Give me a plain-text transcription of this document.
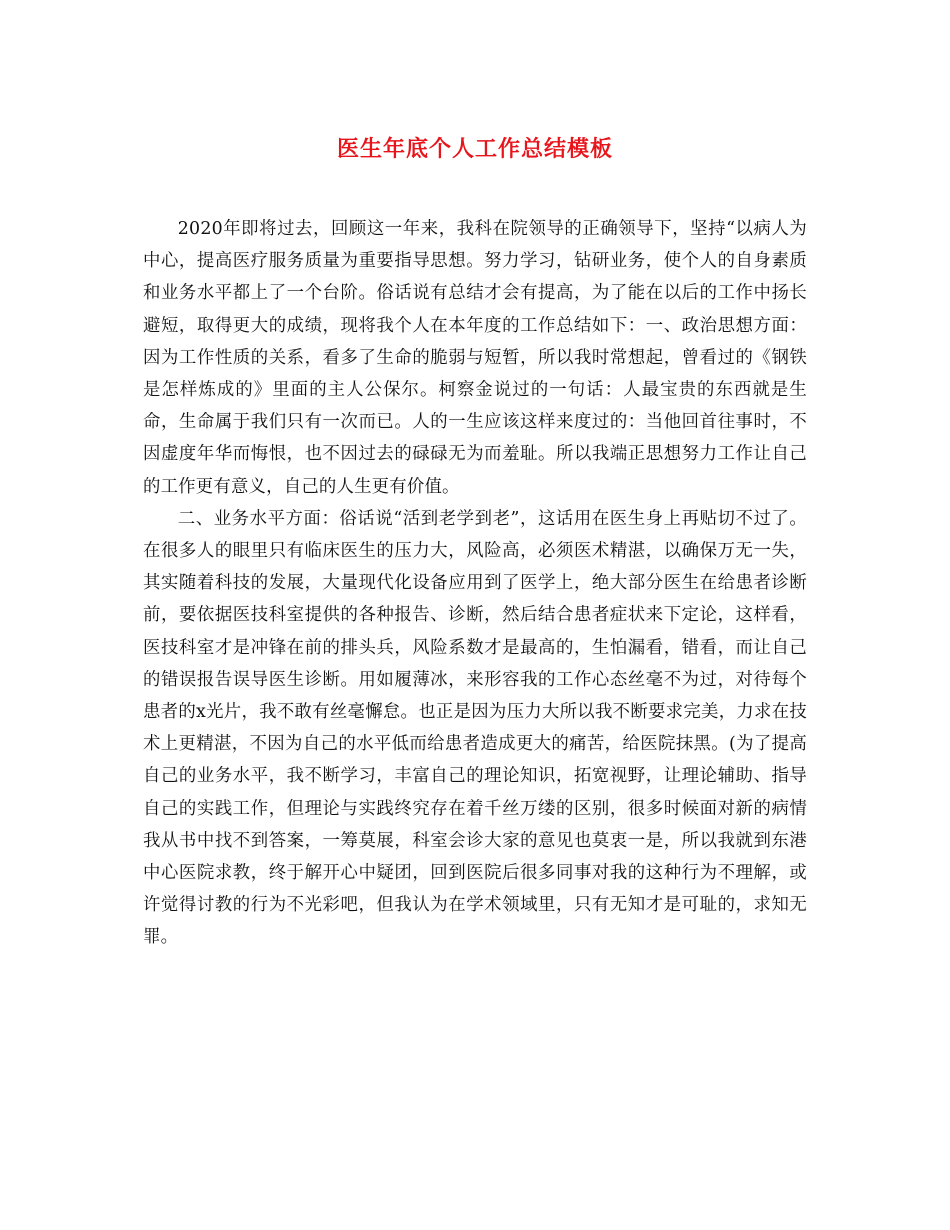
医生年底个人工作总结模板

2020年即将过去，回顾这一年来，我科在院领导的正确领导下，坚持“以病人为中心，提高医疗服务质量为重要指导思想。努力学习，钻研业务，使个人的自身素质和业务水平都上了一个台阶。俗话说有总结才会有提高，为了能在以后的工作中扬长避短，取得更大的成绩，现将我个人在本年度的工作总结如下：一、政治思想方面：因为工作性质的关系，看多了生命的脆弱与短暂，所以我时常想起，曾看过的《钢铁是怎样炼成的》里面的主人公保尔。柯察金说过的一句话：人最宝贵的东西就是生命，生命属于我们只有一次而已。人的一生应该这样来度过的：当他回首往事时，不因虚度年华而悔恨，也不因过去的碌碌无为而羞耻。所以我端正思想努力工作让自己的工作更有意义，自己的人生更有价值。

二、业务水平方面：俗话说“活到老学到老”，这话用在医生身上再贴切不过了。在很多人的眼里只有临床医生的压力大，风险高，必须医术精湛，以确保万无一失，其实随着科技的发展，大量现代化设备应用到了医学上，绝大部分医生在给患者诊断前，要依据医技科室提供的各种报告、诊断，然后结合患者症状来下定论，这样看，医技科室才是冲锋在前的排头兵，风险系数才是最高的，生怕漏看，错看，而让自己的错误报告误导医生诊断。用如履薄冰，来形容我的工作心态丝毫不为过，对待每个患者的x光片，我不敢有丝毫懈怠。也正是因为压力大所以我不断要求完美，力求在技术上更精湛，不因为自己的水平低而给患者造成更大的痛苦，给医院抹黑。(为了提高自己的业务水平，我不断学习，丰富自己的理论知识，拓宽视野，让理论辅助、指导自己的实践工作，但理论与实践终究存在着千丝万缕的区别，很多时候面对新的病情我从书中找不到答案，一筹莫展，科室会诊大家的意见也莫衷一是，所以我就到东港中心医院求教，终于解开心中疑团，回到医院后很多同事对我的这种行为不理解，或许觉得讨教的行为不光彩吧，但我认为在学术领域里，只有无知才是可耻的，求知无罪。
